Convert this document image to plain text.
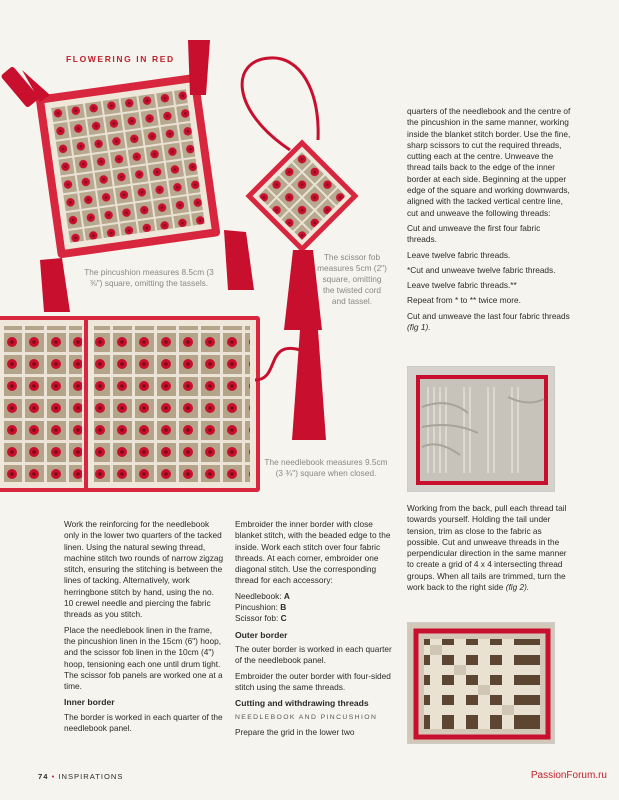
FLOWERING IN RED
The pincushion measures 8.5cm (3 ⅜") square, omitting the tassels.
The scissor fob measures 5cm (2") square, omitting the twisted cord and tassel.
The needlebook measures 9.5cm (3 ¾") square when closed.

Work the reinforcing for the needlebook only in the lower two quarters of the tacked linen. Using the natural sewing thread, machine stitch two rounds of narrow zigzag stitch, ensuring the stitching is between the lines of tacking. Alternatively, work herringbone stitch by hand, using the no. 10 crewel needle and piercing the fabric threads as you stitch.

Place the needlebook linen in the frame, the pincushion linen in the 15cm (6") hoop, and the scissor fob linen in the 10cm (4") hoop, tensioning each one until drum tight. The scissor fob panels are worked one at a time.

Inner border

The border is worked in each quarter of the needlebook panel.

Embroider the inner border with close blanket stitch, with the beaded edge to the inside. Work each stitch over four fabric threads. At each corner, embroider one diagonal stitch. Use the corresponding thread for each accessory:

Needlebook: A
Pincushion: B
Scissor fob: C
Outer border

The outer border is worked in each quarter of the needlebook panel.

Embroider the outer border with four-sided stitch using the same threads.

Cutting and withdrawing threads
NEEDLEBOOK AND PINCUSHION

Prepare the grid in the lower two

quarters of the needlebook and the centre of the pincushion in the same manner, working inside the blanket stitch border. Use the fine, sharp scissors to cut the required threads, cutting each at the centre. Unweave the thread tails back to the edge of the inner border at each side. Beginning at the upper edge of the square and working downwards, aligned with the tacked vertical centre line, cut and unweave the following threads:

Cut and unweave the first four fabric threads.

Leave twelve fabric threads.

*Cut and unweave twelve fabric threads.

Leave twelve fabric threads.**

Repeat from * to ** twice more.

Cut and unweave the last four fabric threads (fig 1).

Working from the back, pull each thread tail towards yourself. Holding the tail under tension, trim as close to the fabric as possible. Cut and unweave threads in the perpendicular direction in the same manner to create a grid of 4 x 4 intersecting thread groups. When all tails are trimmed, turn the work back to the right side (fig 2).

74 • INSPIRATIONS	PassionForum.ru
